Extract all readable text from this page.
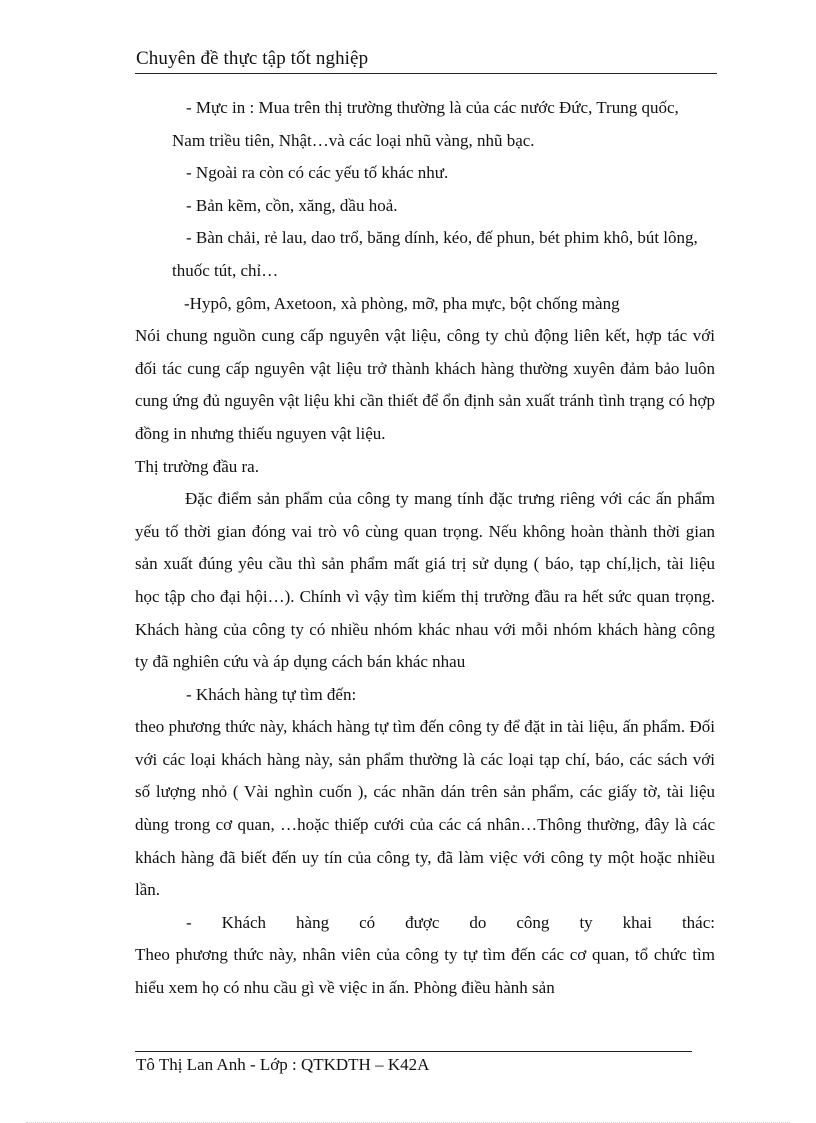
Chuyên đề thực tập tốt nghiệp

- Mực in : Mua trên thị trường thường là của các nước Đức, Trung quốc, Nam triều tiên, Nhật…và các loại nhũ vàng, nhũ bạc.

- Ngoài ra còn có các yếu tố khác như.

- Bản kẽm, cồn, xăng, dầu hoả.

- Bàn chải, rẻ lau, dao trổ, băng dính, kéo, đế phun, bét phim khô, bút lông, thuốc tút, chỉ…

-Hypô, gôm, Axetoon, xà phòng, mỡ, pha mực, bột chống màng

Nói chung nguồn cung cấp nguyên vật liệu, công ty chủ động liên kết, hợp tác với đối tác cung cấp nguyên vật liệu trở thành khách hàng thường xuyên đảm bảo luôn cung ứng đủ nguyên vật liệu khi cần thiết để ổn định sản xuất tránh tình trạng có hợp đồng in nhưng thiếu nguyen vật liệu.

Thị trường đầu ra.

Đặc điểm sản phẩm của công ty mang tính đặc trưng riêng với các ấn phẩm yếu tố thời gian đóng vai trò vô cùng quan trọng. Nếu không hoàn thành thời gian sản xuất đúng yêu cầu thì sản phẩm mất giá trị sử dụng ( báo, tạp chí,lịch, tài liệu học tập cho đại hội…). Chính vì vậy tìm kiếm thị trường đầu ra hết sức quan trọng. Khách hàng của công ty có nhiều nhóm khác nhau với mỗi nhóm khách hàng công ty đã nghiên cứu và áp dụng cách bán khác nhau

- Khách hàng tự tìm đến:

theo phương thức này, khách hàng tự tìm đến công ty để đặt in tài liệu, ấn phẩm. Đối với các loại khách hàng này, sản phẩm thường là các loại tạp chí, báo, các sách với số lượng nhỏ ( Vài nghìn cuốn ), các nhãn dán trên sản phẩm, các giấy tờ, tài liệu dùng trong cơ quan, …hoặc thiếp cưới của các cá nhân…Thông thường, đây là các khách hàng đã biết đến uy tín của công ty, đã làm việc với công ty một hoặc nhiều lần.

- Khách hàng có được do công ty khai thác:

Theo phương thức này, nhân viên của công ty tự tìm đến các cơ quan, tổ chức tìm hiểu xem họ có nhu cầu gì về việc in ấn. Phòng điều hành sản

Tô Thị Lan Anh - Lớp : QTKDTH – K42A
